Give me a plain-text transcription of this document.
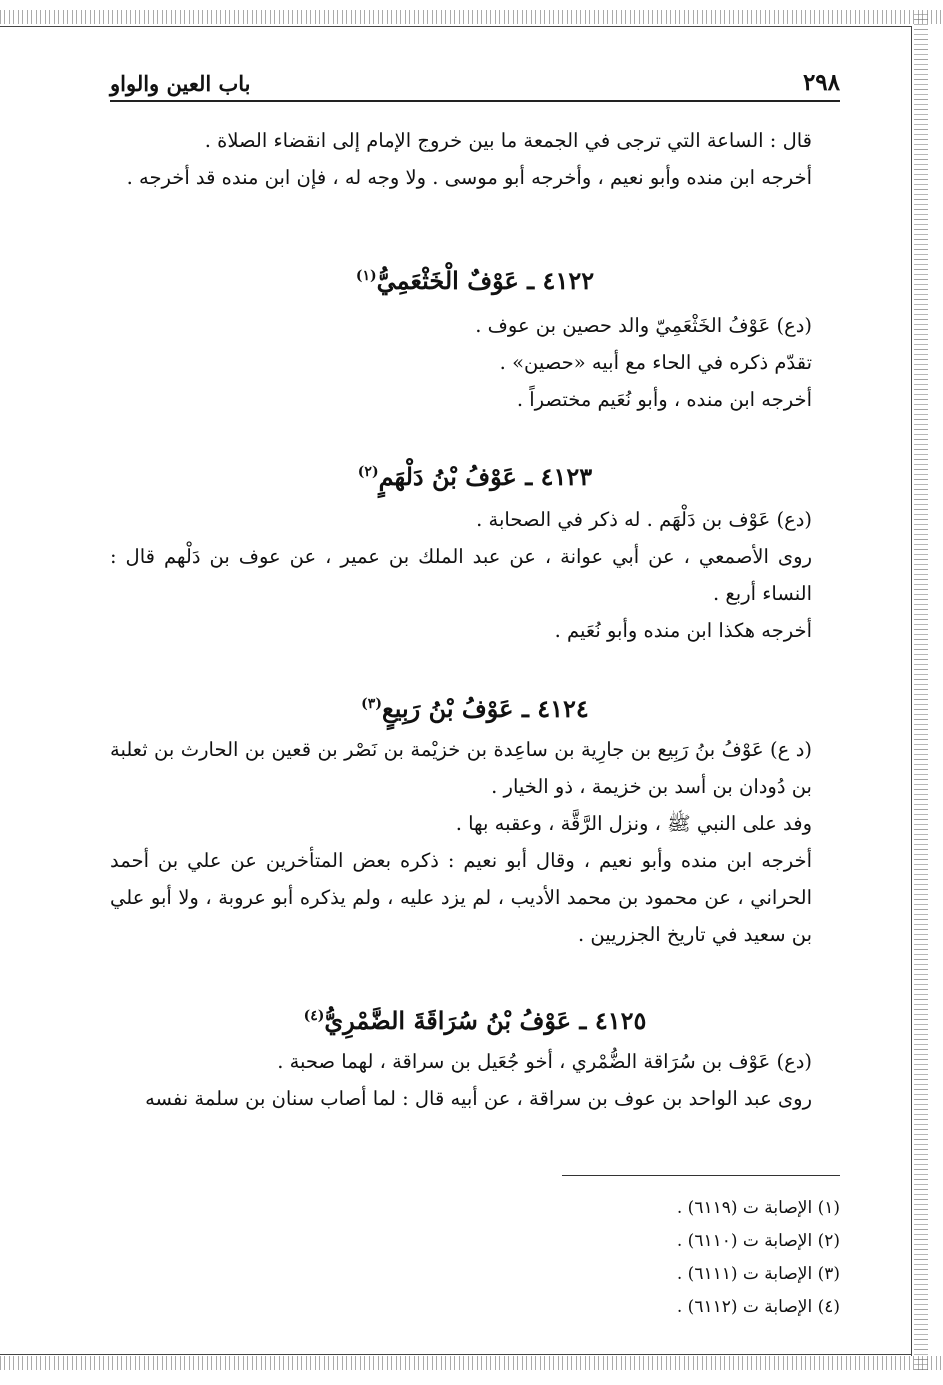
٢٩٨
باب العين والواو

قال : الساعة التي ترجى في الجمعة ما بين خروج الإمام إلى انقضاء الصلاة .

أخرجه ابن منده وأبو نعيم ، وأخرجه أبو موسى . ولا وجه له ، فإن ابن منده قد أخرجه .

٤١٢٢ ـ عَوْفٌ الْخَثْعَمِيُّ$^{(١)}$

(دع) عَوْفُ الخَثْعَمِيّ والد حصين بن عوف .

تقدّم ذكره في الحاء مع أبيه «حصين» .

أخرجه ابن منده ، وأبو نُعَيم مختصراً .

٤١٢٣ ـ عَوْفُ بْنُ دَلْهَمٍ$^{(٢)}$

(دع) عَوْف بن دَلْهَم . له ذكر في الصحابة .

روى الأصمعي ، عن أبي عوانة ، عن عبد الملك بن عمير ، عن عوف بن دَلْهم قال : النساء أربع .

أخرجه هكذا ابن منده وأبو نُعَيم .

٤١٢٤ ـ عَوْفُ بْنُ رَبِيعٍ$^{(٣)}$

(د ع) عَوْفُ بنُ رَبِيع بن جارِية بن ساعِدة بن خزيْمة بن نَصْر بن قعين بن الحارث بن ثعلبة بن دُودان بن أسد بن خزيمة ، ذو الخيار .

وفد على النبي ﷺ ، ونزل الرَّقَّة ، وعقبه بها .

أخرجه ابن منده وأبو نعيم ، وقال أبو نعيم : ذكره بعض المتأخرين عن علي بن أحمد الحراني ، عن محمود بن محمد الأديب ، لم يزد عليه ، ولم يذكره أبو عروبة ، ولا أبو علي بن سعيد في تاريخ الجزريين .

٤١٢٥ ـ عَوْفُ بْنُ سُرَاقَةَ الضَّمْرِيُّ$^{(٤)}$

(دع) عَوْف بن سُرَاقة الضُّمْري ، أخو جُعَيل بن سراقة ، لهما صحبة .

روى عبد الواحد بن عوف بن سراقة ، عن أبيه قال : لما أصاب سنان بن سلمة نفسه

(١) الإصابة ت (٦١١٩) .

(٢) الإصابة ت (٦١١٠) .

(٣) الإصابة ت (٦١١١) .

(٤) الإصابة ت (٦١١٢) .
